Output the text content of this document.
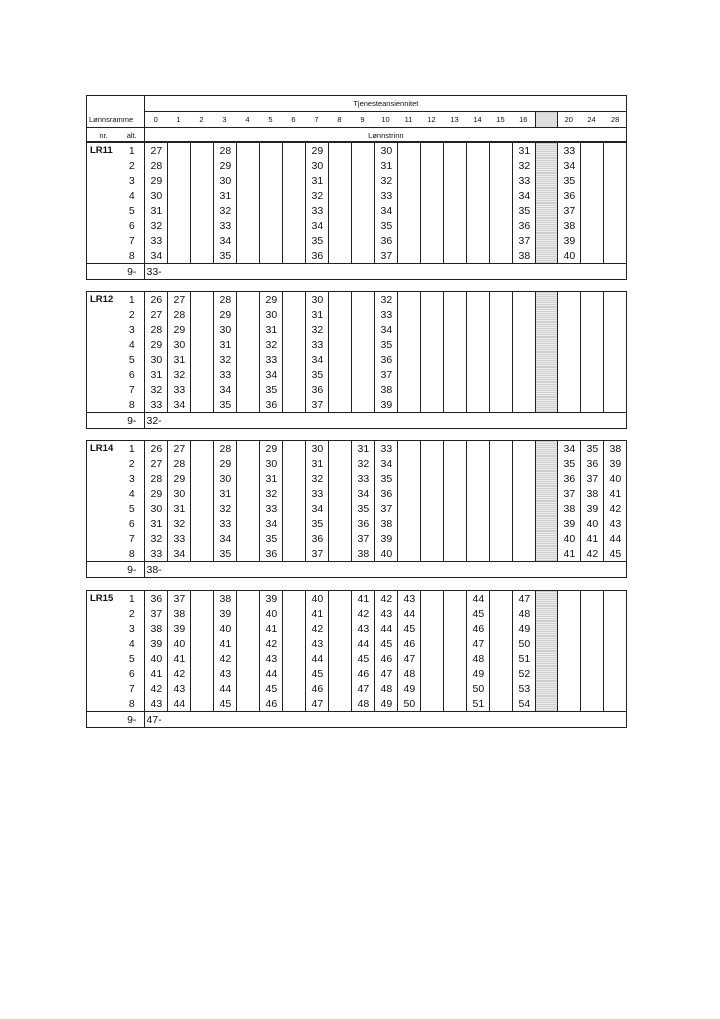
		Tjenesteansiennitet																				
Lønnsramme		0	1	2	3	4	5	6	7	8	9	10	11	12	13	14	15	16		20	24	28
nr.	alt.	Lønnstrinn																				
LR11	1	27			28				29			30						31		33		
	2	28			29				30			31						32		34		
	3	29			30				31			32						33		35		
	4	30			31				32			33						34		36		
	5	31			32				33			34						35		37		
	6	32			33				34			35						36		38		
	7	33			34				35			36						37		39		
	8	34			35				36			37						38		40		
	9-	33-																				
LR12	1	26	27		28		29		30			32										
	2	27	28		29		30		31			33										
	3	28	29		30		31		32			34										
	4	29	30		31		32		33			35										
	5	30	31		32		33		34			36										
	6	31	32		33		34		35			37										
	7	32	33		34		35		36			38										
	8	33	34		35		36		37			39										
	9-	32-																				
LR14	1	26	27		28		29		30		31	33								34	35	38
	2	27	28		29		30		31		32	34								35	36	39
	3	28	29		30		31		32		33	35								36	37	40
	4	29	30		31		32		33		34	36								37	38	41
	5	30	31		32		33		34		35	37								38	39	42
	6	31	32		33		34		35		36	38								39	40	43
	7	32	33		34		35		36		37	39								40	41	44
	8	33	34		35		36		37		38	40								41	42	45
	9-	38-																				
LR15	1	36	37		38		39		40		41	42	43			44		47				
	2	37	38		39		40		41		42	43	44			45		48				
	3	38	39		40		41		42		43	44	45			46		49				
	4	39	40		41		42		43		44	45	46			47		50				
	5	40	41		42		43		44		45	46	47			48		51				
	6	41	42		43		44		45		46	47	48			49		52				
	7	42	43		44		45		46		47	48	49			50		53				
	8	43	44		45		46		47		48	49	50			51		54				
	9-	47-																				
